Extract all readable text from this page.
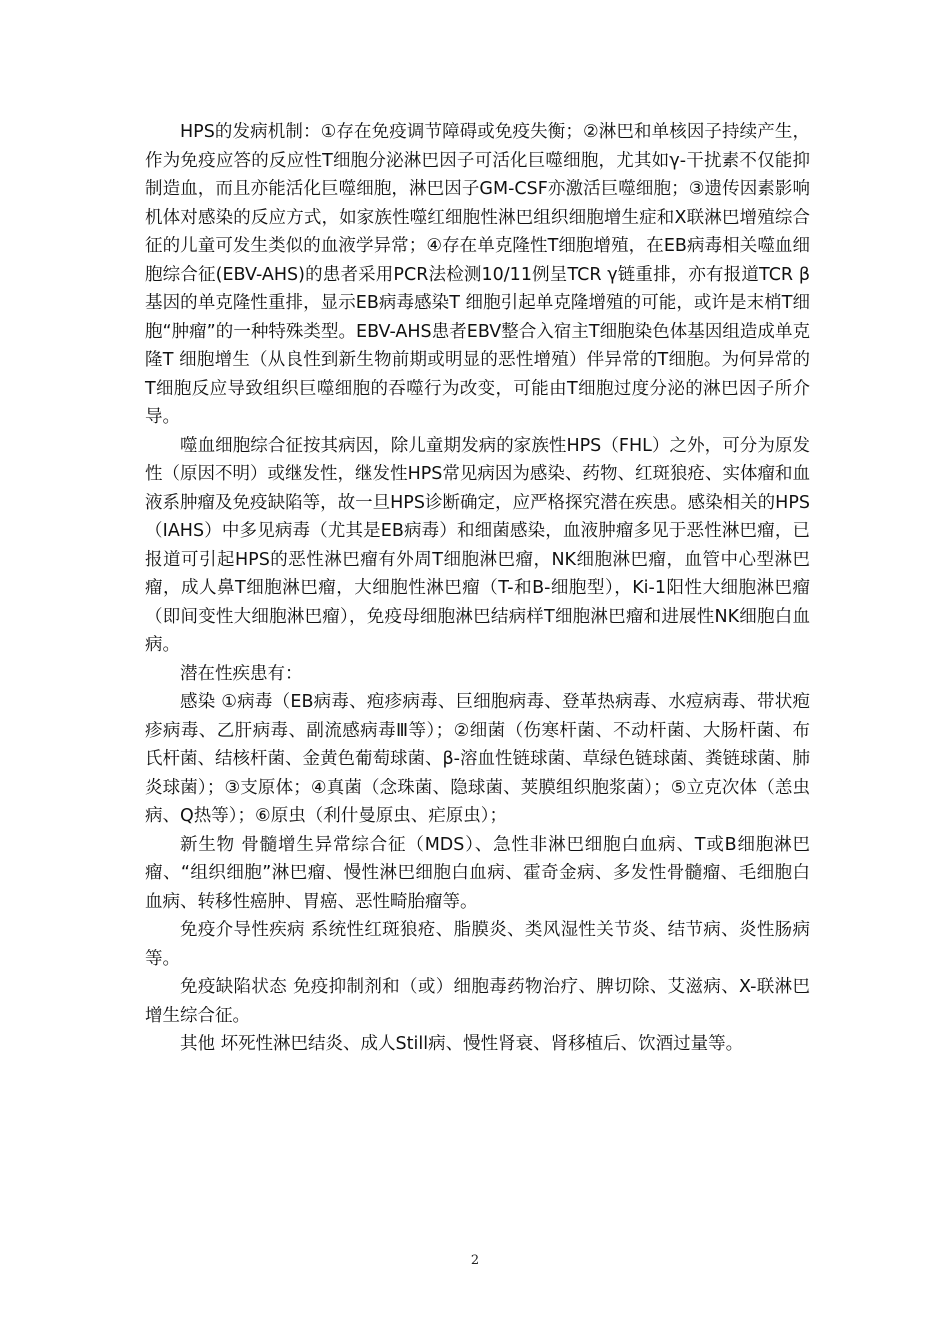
HPS的发病机制：①存在免疫调节障碍或免疫失衡；②淋巴和单核因子持续产生，作为免疫应答的反应性T细胞分泌淋巴因子可活化巨噬细胞，尤其如γ-干扰素不仅能抑制造血，而且亦能活化巨噬细胞，淋巴因子GM-CSF亦激活巨噬细胞；③遗传因素影响机体对感染的反应方式，如家族性噬红细胞性淋巴组织细胞增生症和X联淋巴增殖综合征的儿童可发生类似的血液学异常；④存在单克隆性T细胞增殖，在EB病毒相关噬血细胞综合征(EBV-AHS)的患者采用PCR法检测10/11例呈TCR γ链重排，亦有报道TCR β基因的单克隆性重排，显示EB病毒感染T 细胞引起单克隆增殖的可能，或许是末梢T细胞“肿瘤”的一种特殊类型。EBV-AHS患者EBV整合入宿主T细胞染色体基因组造成单克隆T 细胞增生（从良性到新生物前期或明显的恶性增殖）伴异常的T细胞。为何异常的T细胞反应导致组织巨噬细胞的吞噬行为改变，可能由T细胞过度分泌的淋巴因子所介导。

噬血细胞综合征按其病因，除儿童期发病的家族性HPS（FHL）之外，可分为原发性（原因不明）或继发性，继发性HPS常见病因为感染、药物、红斑狼疮、实体瘤和血液系肿瘤及免疫缺陷等，故一旦HPS诊断确定，应严格探究潜在疾患。感染相关的HPS（IAHS）中多见病毒（尤其是EB病毒）和细菌感染，血液肿瘤多见于恶性淋巴瘤，已报道可引起HPS的恶性淋巴瘤有外周T细胞淋巴瘤，NK细胞淋巴瘤，血管中心型淋巴瘤，成人鼻T细胞淋巴瘤，大细胞性淋巴瘤（T-和B-细胞型），Ki-1阳性大细胞淋巴瘤（即间变性大细胞淋巴瘤），免疫母细胞淋巴结病样T细胞淋巴瘤和进展性NK细胞白血病。

潜在性疾患有：

感染 ①病毒（EB病毒、疱疹病毒、巨细胞病毒、登革热病毒、水痘病毒、带状疱疹病毒、乙肝病毒、副流感病毒Ⅲ等）；②细菌（伤寒杆菌、不动杆菌、大肠杆菌、布氏杆菌、结核杆菌、金黄色葡萄球菌、β-溶血性链球菌、草绿色链球菌、粪链球菌、肺炎球菌）；③支原体；④真菌（念珠菌、隐球菌、荚膜组织胞浆菌）；⑤立克次体（恙虫病、Q热等）；⑥原虫（利什曼原虫、疟原虫）；

新生物 骨髓增生异常综合征（MDS）、急性非淋巴细胞白血病、T或B细胞淋巴瘤、“组织细胞”淋巴瘤、慢性淋巴细胞白血病、霍奇金病、多发性骨髓瘤、毛细胞白血病、转移性癌肿、胃癌、恶性畸胎瘤等。

免疫介导性疾病 系统性红斑狼疮、脂膜炎、类风湿性关节炎、结节病、炎性肠病等。

免疫缺陷状态 免疫抑制剂和（或）细胞毒药物治疗、脾切除、艾滋病、X-联淋巴增生综合征。

其他 坏死性淋巴结炎、成人Still病、慢性肾衰、肾移植后、饮酒过量等。

2
